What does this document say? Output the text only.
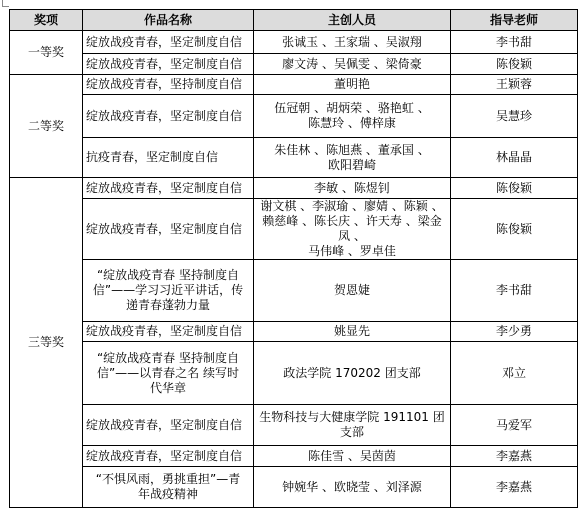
奖项	作品名称	主创人员	指导老师
一等奖	绽放战疫青春，坚定制度自信	张诚玉 、王家瑞 、吴淑翔	李书甜
	绽放战疫青春，坚定制度自信	廖文涛 、吴佩雯 、梁倚豪	陈俊颖
二等奖	绽放战疫青春，坚持制度自信	董明艳	王颖蓉
	绽放战疫青春，坚定制度自信	伍冠朝 、胡炳荣 、骆艳虹 、
陈慧玲 、傅梓康	吴慧珍
	抗疫青春，坚定制度自信	朱佳林 、陈旭燕 、董承国 、
欧阳碧崎	林晶晶
三等奖	绽放战疫青春，坚定制度自信	李敏 、陈煜钊	陈俊颖
	绽放战疫青春，坚定制度自信	谢文棋 、李淑瑜 、廖婧 、陈颖 、
赖慈峰 、陈长庆 、许天寿 、梁金凤 、
马伟峰 、罗卓佳	陈俊颖
	“绽放战疫青春 坚持制度自
信”——学习习近平讲话，传
递青春蓬勃力量	贺恩婕	李书甜
	绽放战疫青春，坚定制度自信	姚显先	李少勇
	“绽放战疫青春 坚持制度自
信”——以青春之名 续写时
代华章	政法学院 170202 团支部	邓立
	绽放战疫青春，坚定制度自信	生物科技与大健康学院 191101 团
支部	马爱军
	绽放战疫青春，坚定制度自信	陈佳雪 、吴茵茵	李嘉燕
	“不惧风雨，勇挑重担”—青
年战疫精神	钟婉华 、欧晓莹 、刘泽源	李嘉燕
